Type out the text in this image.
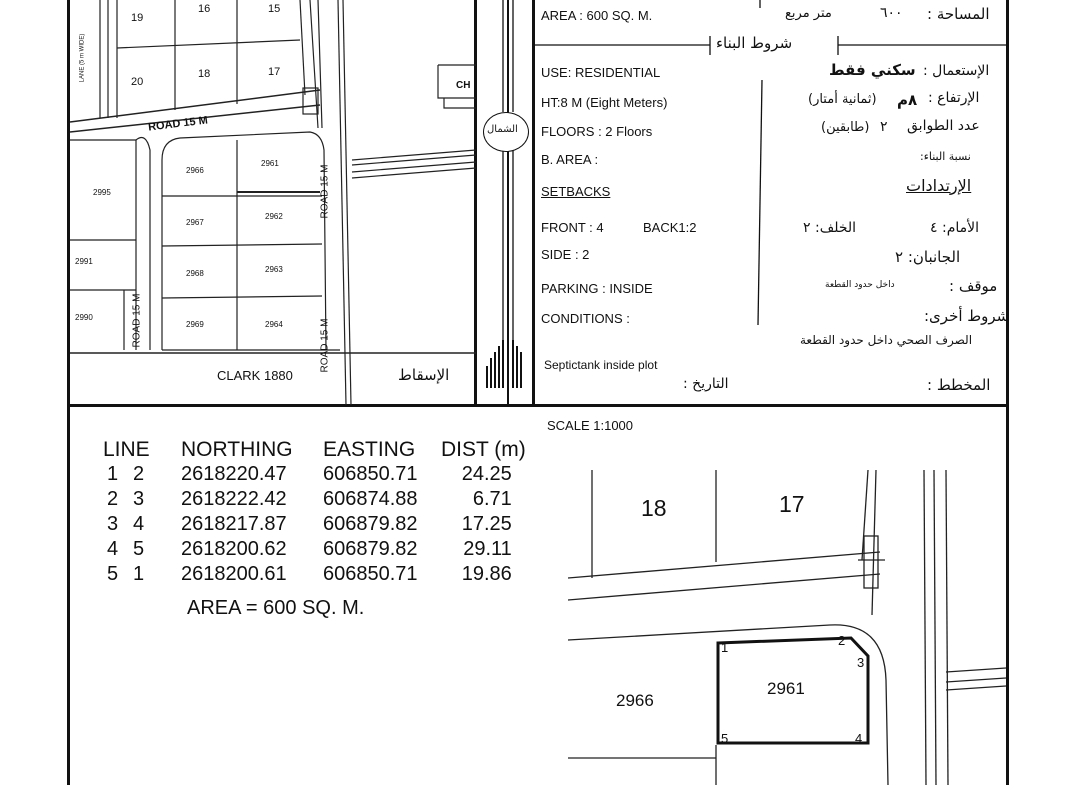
19
16	15
20
18	17
2966
2961
2995
2967
2962
2991
2968	2963
2990
2969	2964
ROAD 15 M
ROAD 15 M
ROAD 15 M	ROAD 15 M
LANE (5 m WIDE)
CH
CLARK 1880	الإسقاط
الشمال
AREA : 600 SQ. M.	متر مربع	٦٠٠ المساحة :
شروط البناء
USE: RESIDENTIAL	سكني فقط الإستعمال :
HT:8 M (Eight Meters)	(ثمانية أمتار) ٨م الإرتفاع :
FLOORS : 2 Floors	(طابقين) ٢ عدد الطوابق
B. AREA :	نسبة البناء:
SETBACKS	الإرتدادات
FRONT : 4	BACK1:2	الخلف: ٢	الأمام: ٤
SIDE : 2	الجانبان: ٢
PARKING : INSIDE	داخل حدود القطعة	موقف :
CONDITIONS :	شروط أخرى:
الصرف الصحي داخل حدود القطعة
Septictank inside plot
التاريخ :	المخطط :
SCALE 1:1000
LINE	NORTHING	EASTING	DIST (m)
1 2	2618220.47	606850.71	24.25
2 3	2618222.42	606874.88	6.71
3 4	2618217.87	606879.82	17.25
4 5	2618200.62	606879.82	29.11
5 1	2618200.61	606850.71	19.86
AREA = 600 SQ. M.
18	17
2966
2961
1	2
3
4
5
